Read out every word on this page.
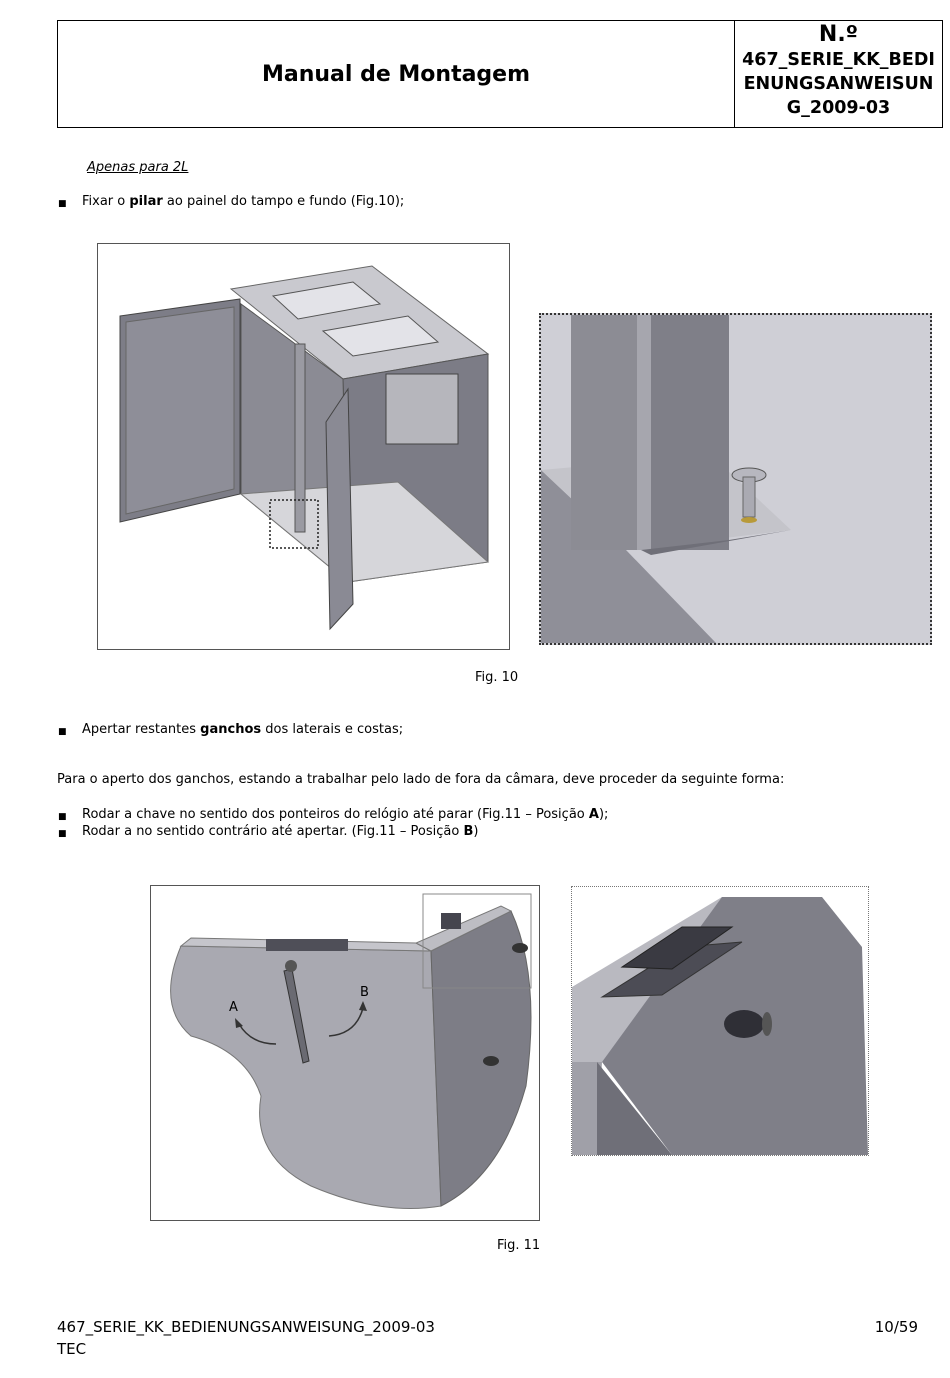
Manual de Montagem
N.º
467_SERIE_KK_BEDIENUNGSANWEISUNG_2009-03
Apenas para 2L
■ Fixar o pilar ao painel do tampo e fundo (Fig.10);
Fig. 10
■ Apertar restantes ganchos dos laterais e costas;
Para o aperto dos ganchos, estando a trabalhar pelo lado de fora da câmara, deve proceder da seguinte forma:
■ Rodar a chave no sentido dos ponteiros do relógio até parar (Fig.11 – Posição A);
■ Rodar a no sentido contrário até apertar. (Fig.11 – Posição B)
A
B
Fig. 11
467_SERIE_KK_BEDIENUNGSANWEISUNG_2009-03
TEC
10/59
